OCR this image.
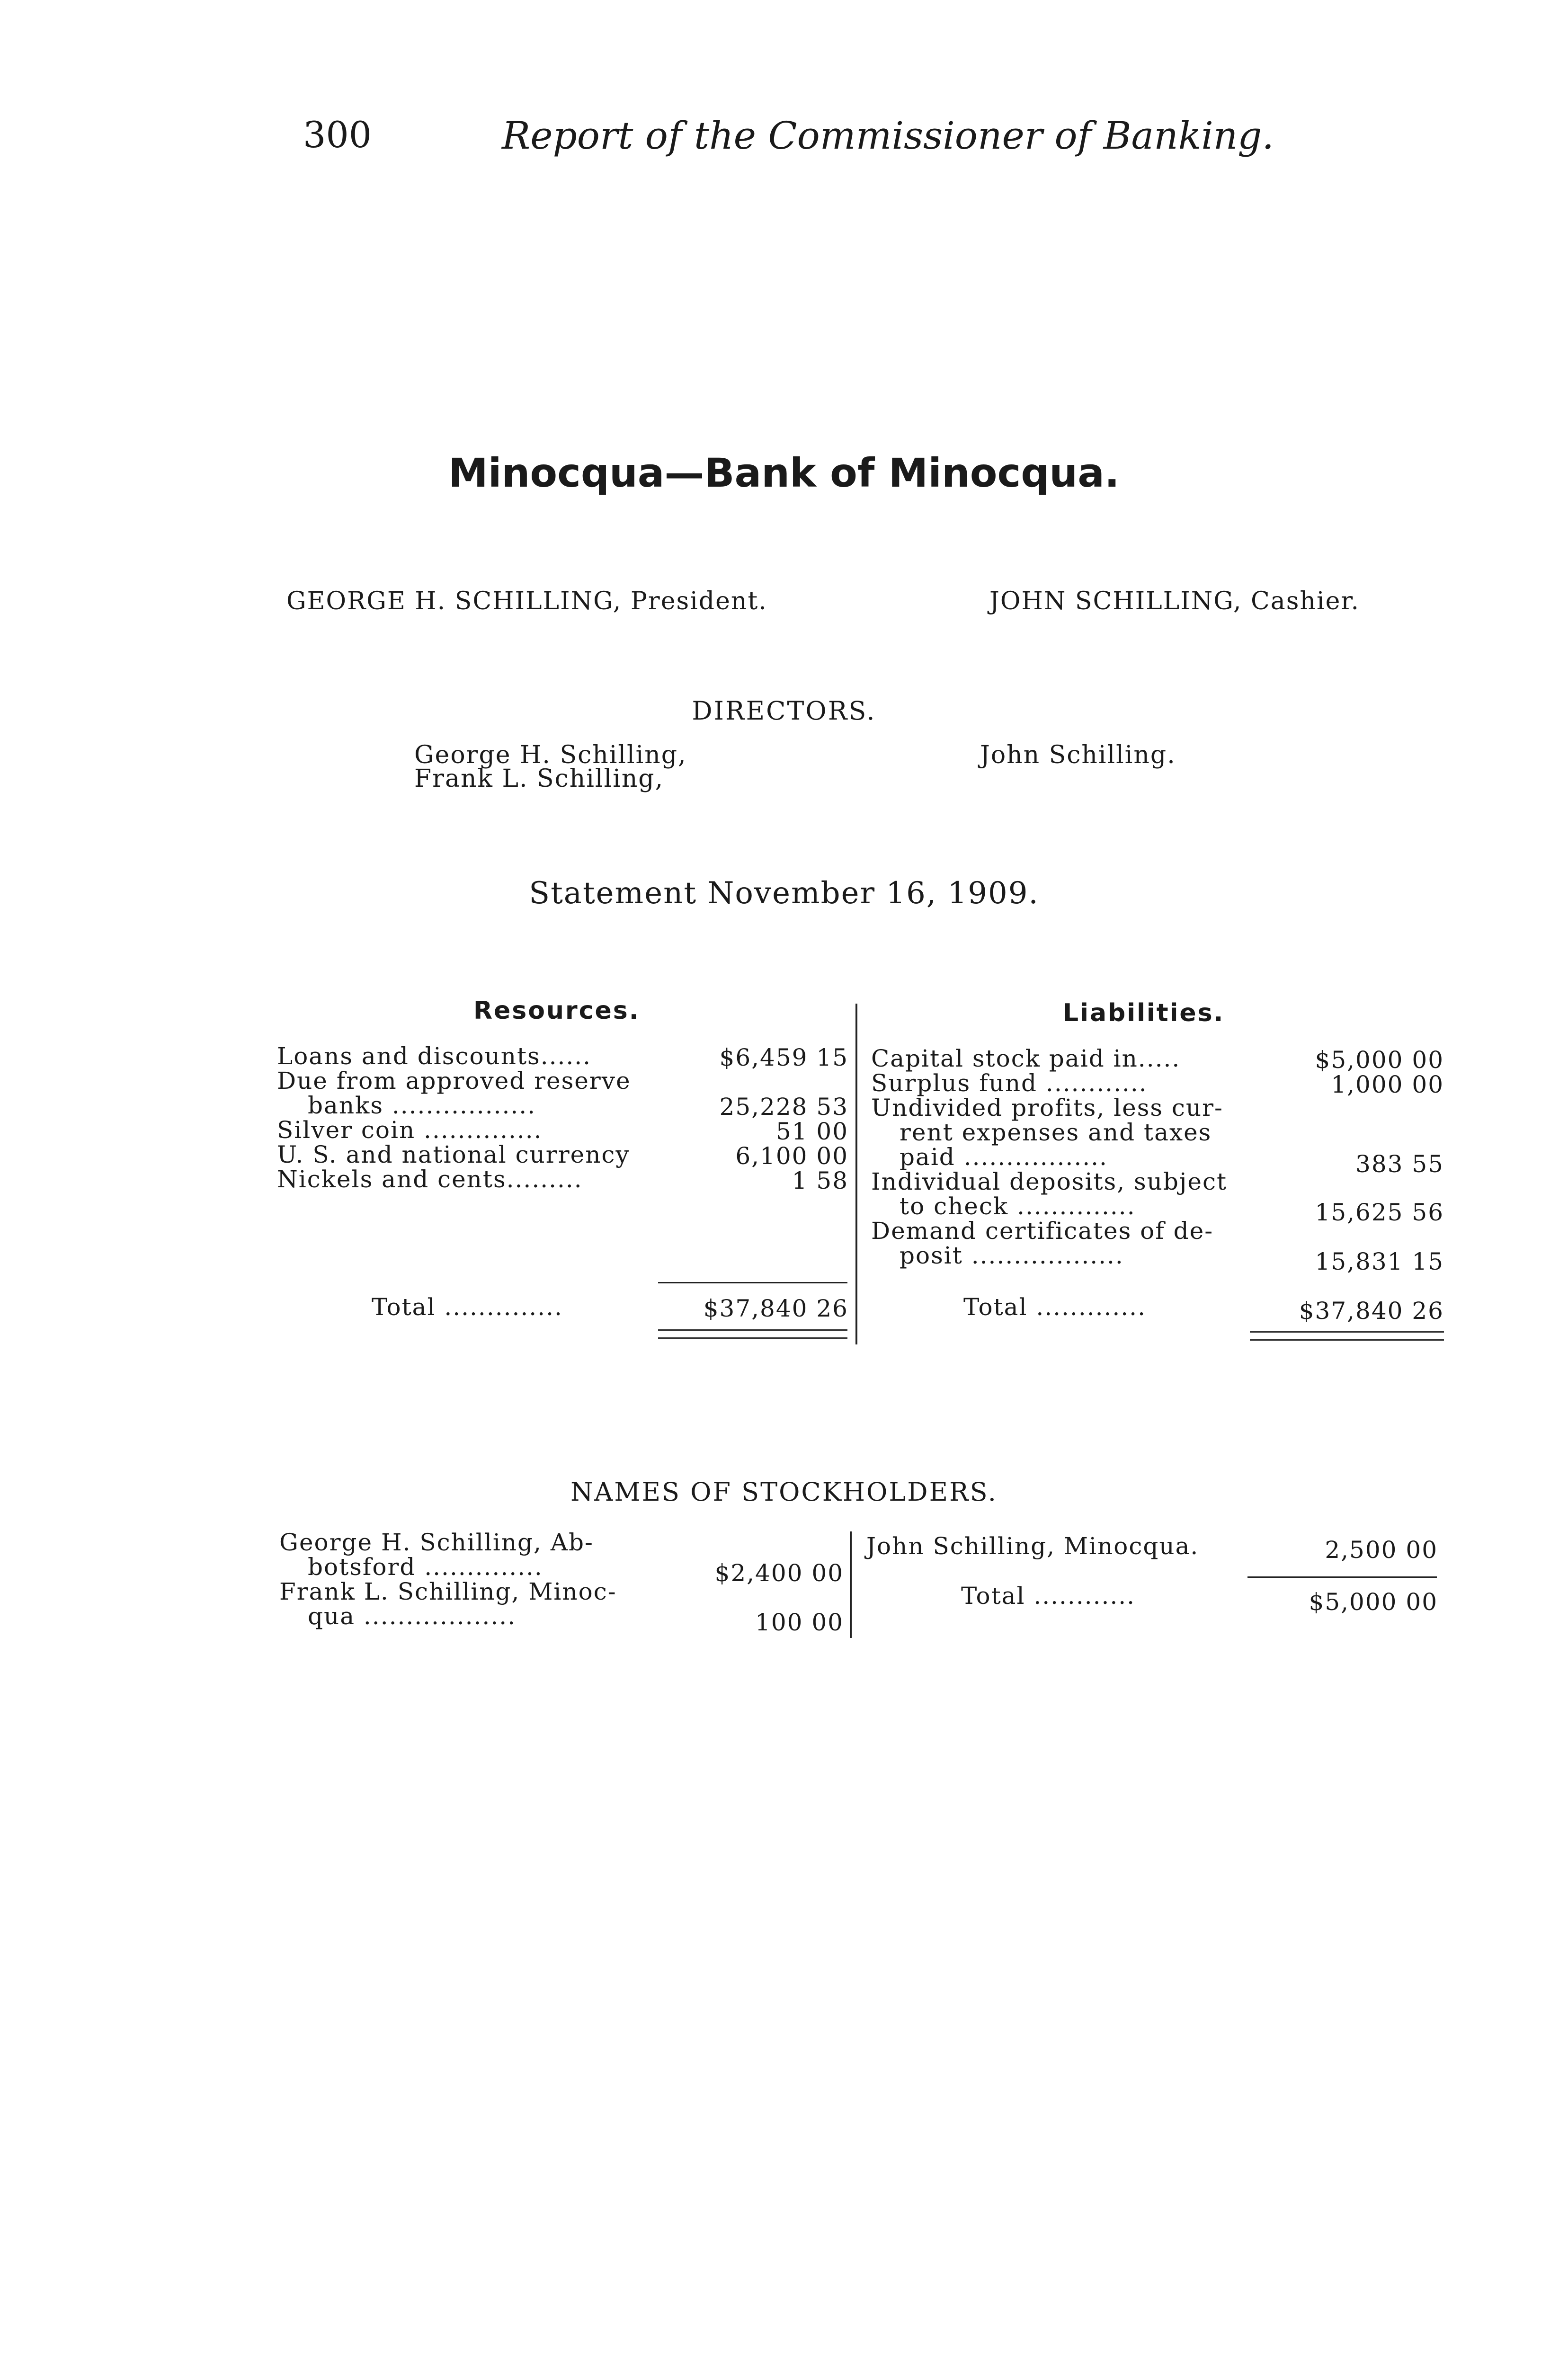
300	Report of the Commissioner of Banking.
Minocqua—Bank of Minocqua.
GEORGE H. SCHILLING, President.	JOHN SCHILLING, Cashier.
DIRECTORS.
George H. Schilling,
Frank L. Schilling,
John Schilling.
Statement November 16, 1909.
Resources.	Liabilities.
Loans and discounts......	$6,459 15
Due from approved reserve
banks .................	25,228 53
Silver coin ..............	51 00
U. S. and national currency	6,100 00
Nickels and cents.........	1 58
Total ..............	$37,840 26
Capital stock paid in.....	$5,000 00
Surplus fund ............	1,000 00
Undivided profits, less cur-
rent expenses and taxes
paid .................	383 55
Individual deposits, subject
to check ..............	15,625 56
Demand certificates of de-
posit ..................	15,831 15
Total .............	$37,840 26
NAMES OF STOCKHOLDERS.
George H. Schilling, Ab-
botsford ..............	$2,400 00
Frank L. Schilling, Minoc-
qua ..................	100 00
John Schilling, Minocqua.	2,500 00
Total ............	$5,000 00
